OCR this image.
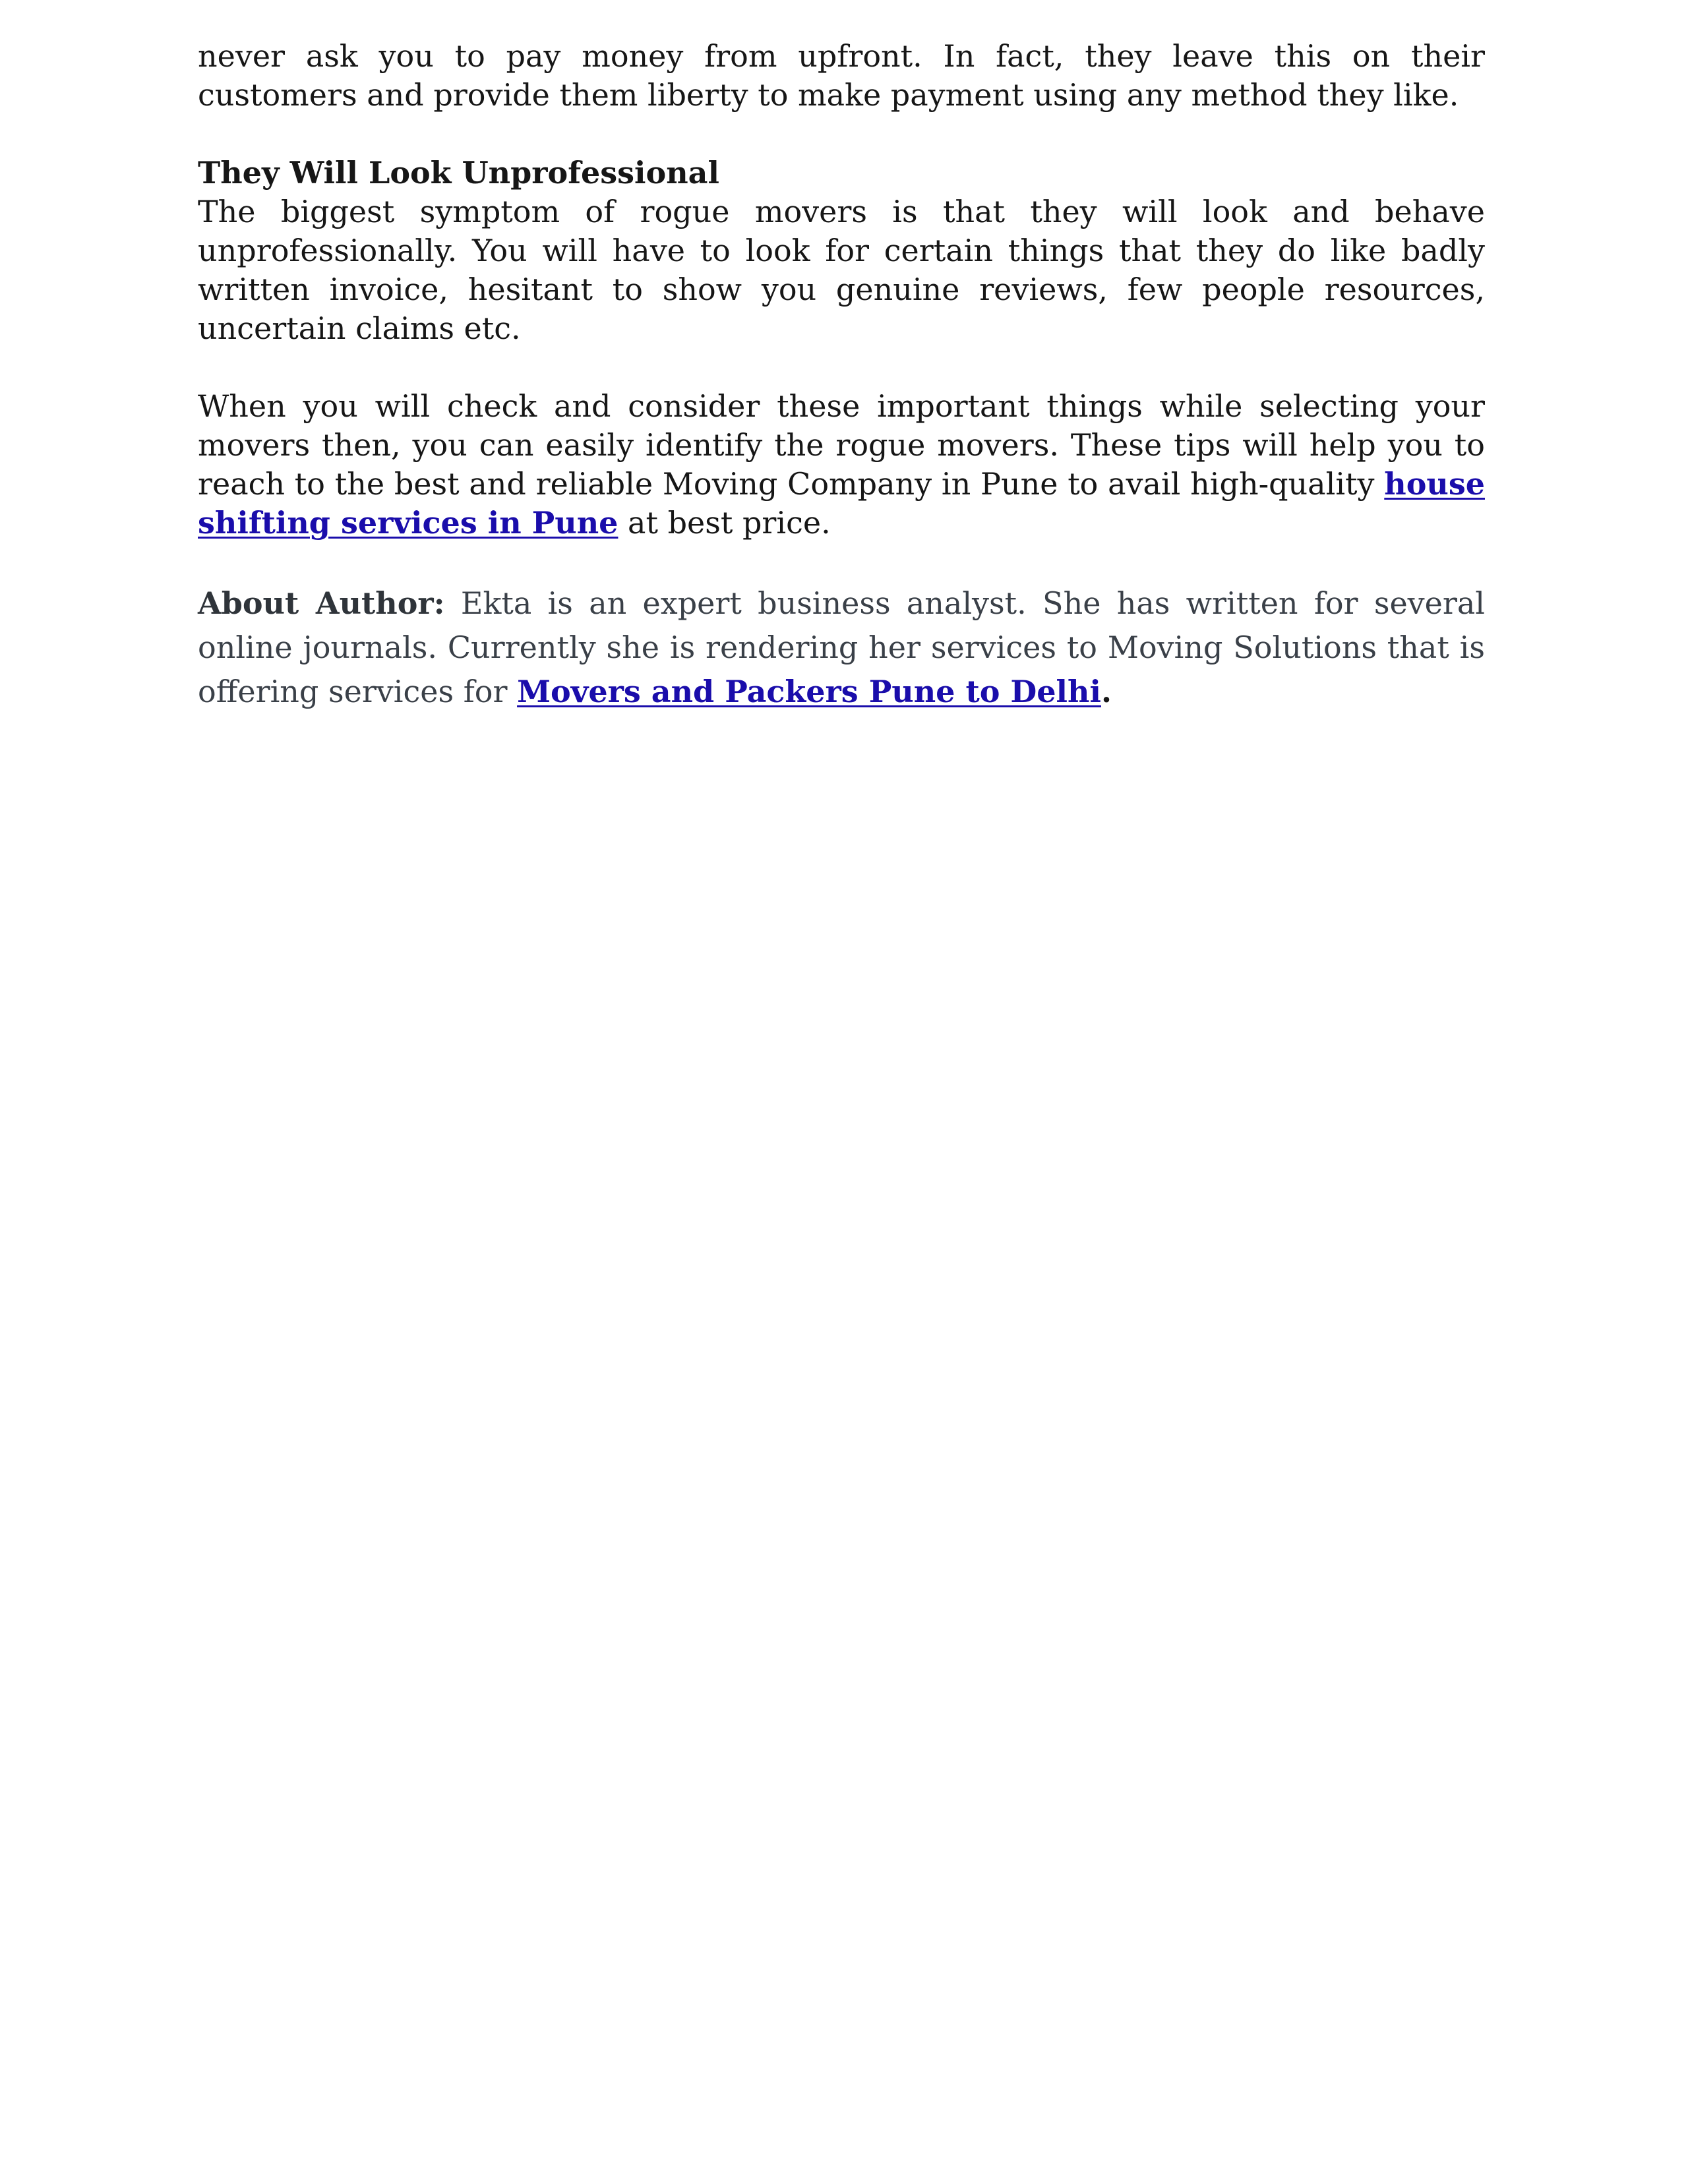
never ask you to pay money from upfront. In fact, they leave this on their customers and provide them liberty to make payment using any method they like.

They Will Look Unprofessional

The biggest symptom of rogue movers is that they will look and behave unprofessionally. You will have to look for certain things that they do like badly written invoice, hesitant to show you genuine reviews, few people resources, uncertain claims etc.

When you will check and consider these important things while selecting your movers then, you can easily identify the rogue movers. These tips will help you to reach to the best and reliable Moving Company in Pune to avail high-quality house shifting services in Pune at best price.

About Author: Ekta is an expert business analyst. She has written for several online journals. Currently she is rendering her services to Moving Solutions that is offering services for Movers and Packers Pune to Delhi.
